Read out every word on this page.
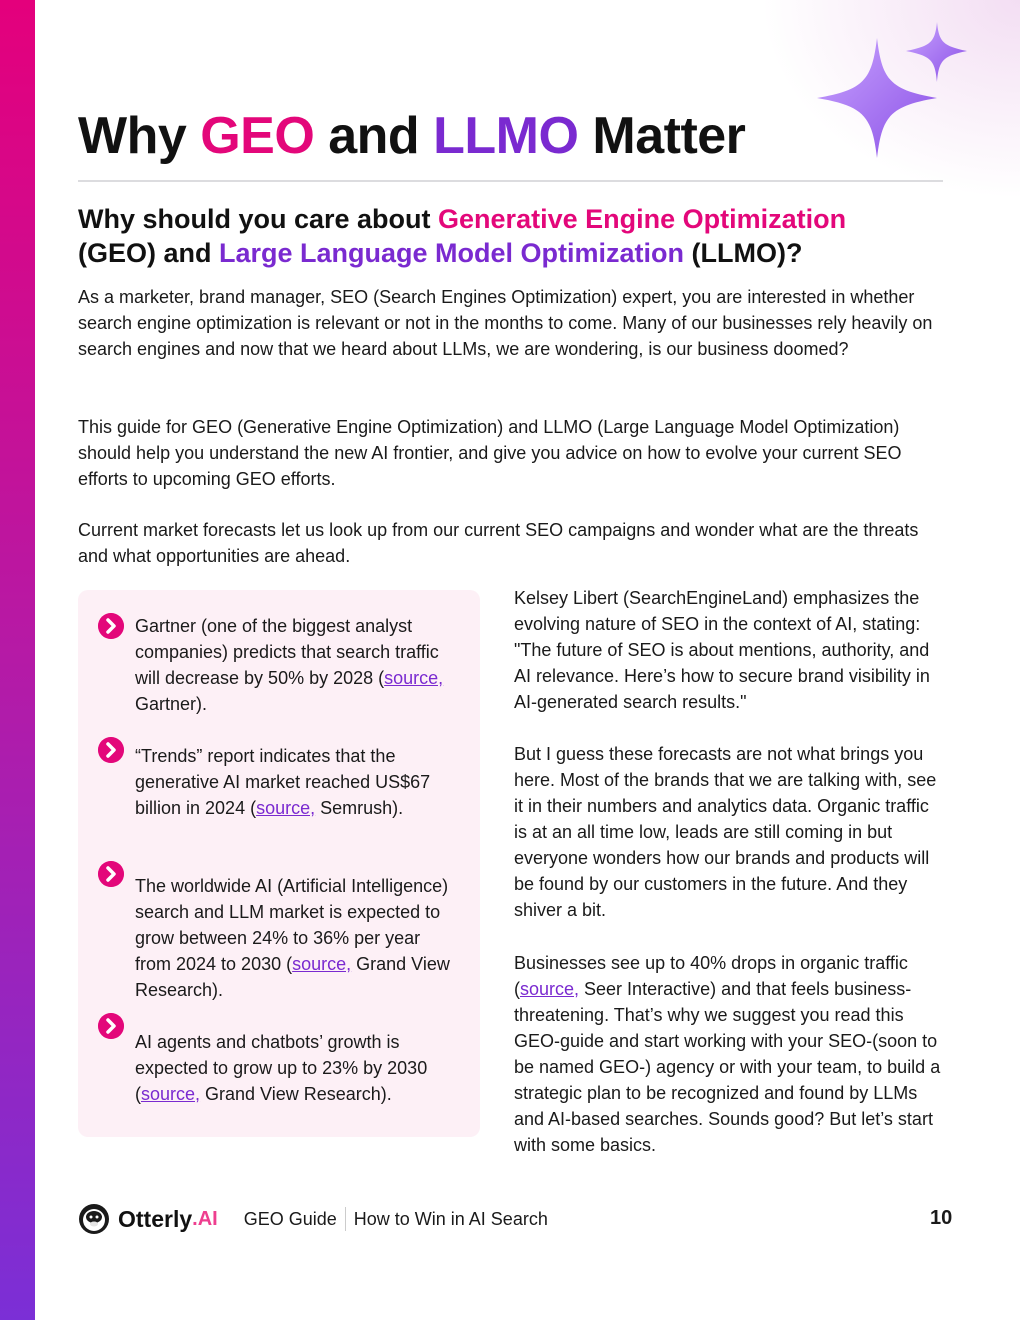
Why GEO and LLMO Matter
Why should you care about Generative Engine Optimization
(GEO) and Large Language Model Optimization (LLMO)?

As a marketer, brand manager, SEO (Search Engines Optimization) expert, you are interested in whether search engine optimization is relevant or not in the months to come. Many of our businesses rely heavily on search engines and now that we heard about LLMs, we are wondering, is our business doomed?

This guide for GEO (Generative Engine Optimization) and LLMO (Large Language Model Optimization) should help you understand the new AI frontier, and give you advice on how to evolve your current SEO efforts to upcoming GEO efforts.

Current market forecasts let us look up from our current SEO campaigns and wonder what are the threats and what opportunities are ahead.

Gartner (one of the biggest analyst companies) predicts that search traffic will decrease by 50% by 2028 (source, Gartner).
“Trends” report indicates that the generative AI market reached US$67 billion in 2024 (source, Semrush).
The worldwide AI (Artificial Intelligence) search and LLM market is expected to grow between 24% to 36% per year from 2024 to 2030 (source, Grand View Research).
AI agents and chatbots’ growth is expected to grow up to 23% by 2030 (source, Grand View Research).

Kelsey Libert (SearchEngineLand) emphasizes the evolving nature of SEO in the context of AI, stating: "The future of SEO is about mentions, authority, and AI relevance. Here’s how to secure brand visibility in AI-generated search results."

But I guess these forecasts are not what brings you here. Most of the brands that we are talking with, see it in their numbers and analytics data. Organic traffic is at an all time low, leads are still coming in but everyone wonders how our brands and products will be found by our customers in the future. And they shiver a bit.

Businesses see up to 40% drops in organic traffic (source, Seer Interactive) and that feels business-threatening. That’s why we suggest you read this GEO-guide and start working with your SEO-(soon to be named GEO-) agency or with your team, to build a strategic plan to be recognized and found by LLMs and AI-based searches. Sounds good? But let’s start with some basics.

Otterly .AI GEO Guide How to Win in AI Search	10
